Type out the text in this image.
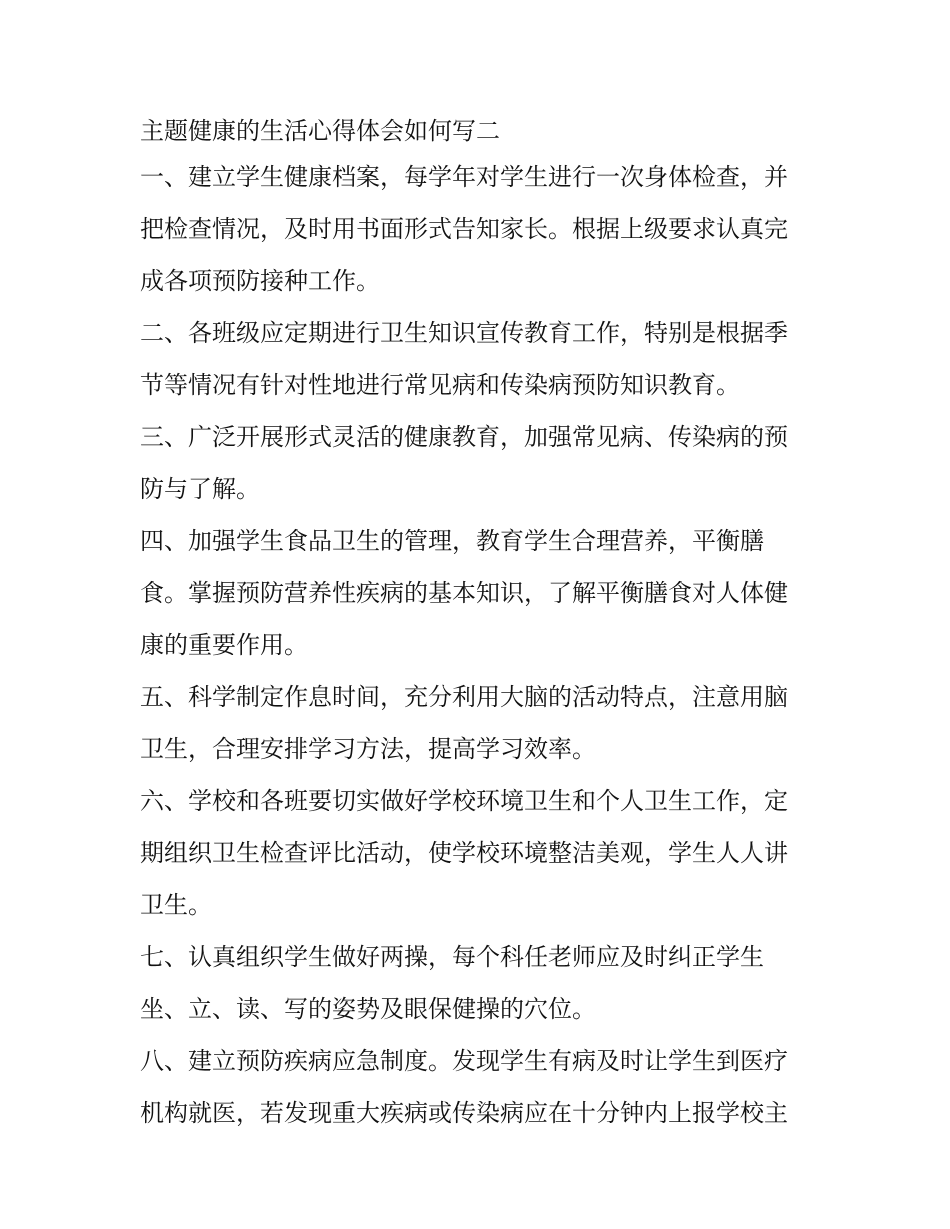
主题健康的生活心得体会如何写二

一、建立学生健康档案，每学年对学生进行一次身体检查，并
把检查情况，及时用书面形式告知家长。根据上级要求认真完
成各项预防接种工作。
二、各班级应定期进行卫生知识宣传教育工作，特别是根据季
节等情况有针对性地进行常见病和传染病预防知识教育。
三、广泛开展形式灵活的健康教育，加强常见病、传染病的预
防与了解。
四、加强学生食品卫生的管理，教育学生合理营养，平衡膳
食。掌握预防营养性疾病的基本知识，了解平衡膳食对人体健
康的重要作用。
五、科学制定作息时间，充分利用大脑的活动特点，注意用脑
卫生，合理安排学习方法，提高学习效率。
六、学校和各班要切实做好学校环境卫生和个人卫生工作，定
期组织卫生检查评比活动，使学校环境整洁美观，学生人人讲
卫生。
七、认真组织学生做好两操，每个科任老师应及时纠正学生
坐、立、读、写的姿势及眼保健操的穴位。
八、建立预防疾病应急制度。发现学生有病及时让学生到医疗
机构就医，若发现重大疾病或传染病应在十分钟内上报学校主
